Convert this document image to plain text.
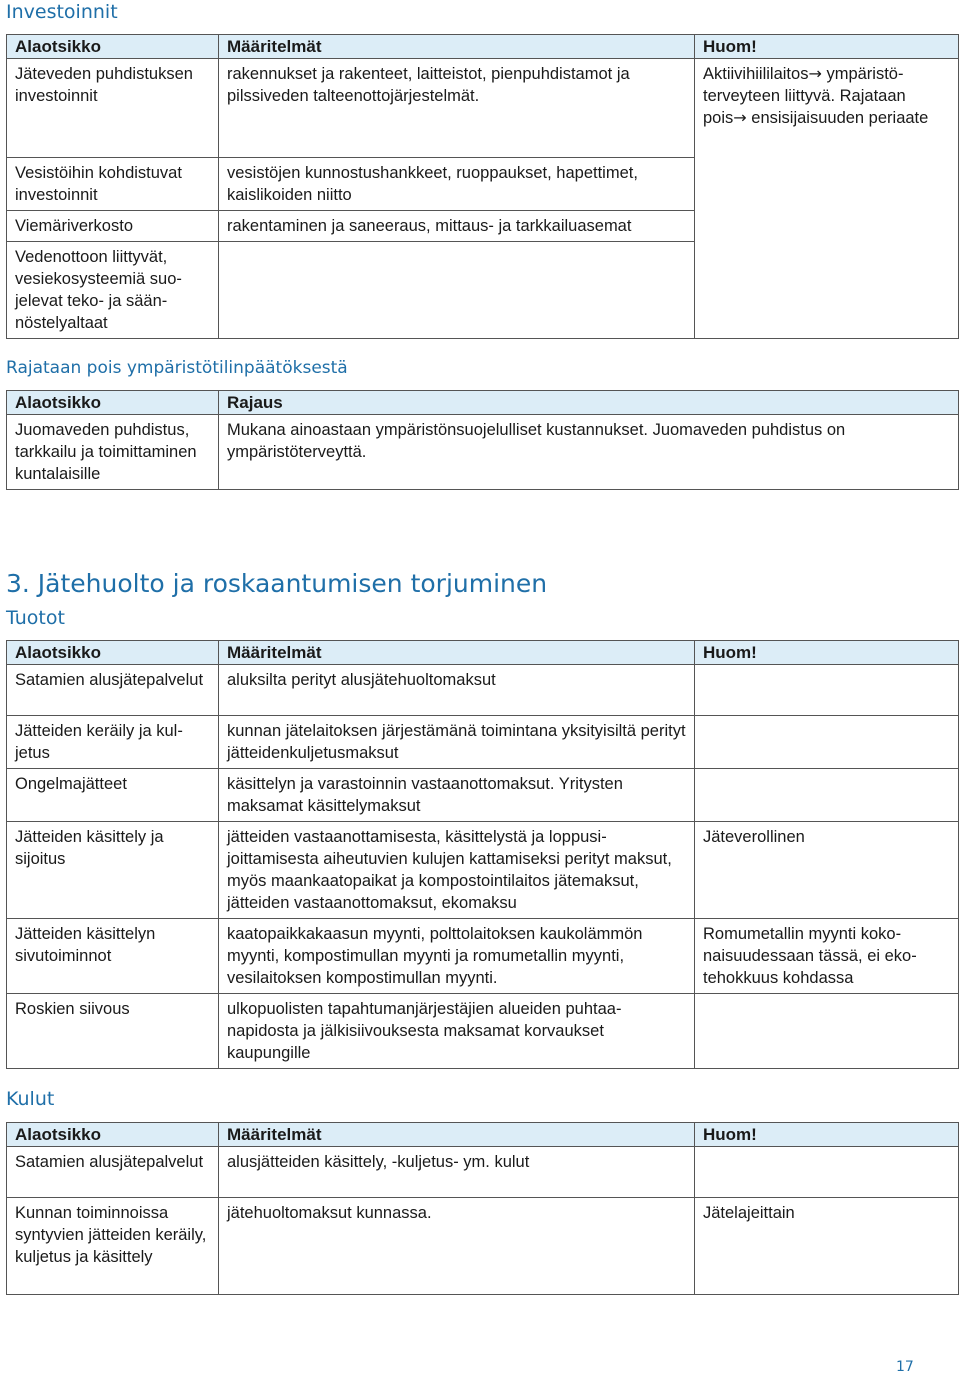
Investoinnit
Alaotsikko	Määritelmät	Huom!
Jäteveden puhdistuksen investoinnit	rakennukset ja rakenteet, laitteistot, pienpuhdistamot ja pilssiveden talteenottojärjestelmät.	Aktiivihiililaitos→ ympäristöterveyteen liittyvä. Rajataan pois→ ensisijaisuuden periaate
Vesistöihin kohdistuvat investoinnit	vesistöjen kunnostushankkeet, ruoppaukset, hapettimet, kaislikoiden niitto	
Viemäriverkosto	rakentaminen ja saneeraus, mittaus- ja tarkkailuasemat	
Vedenottoon liittyvät, vesiekosysteemiä suojelevat teko- ja säännöstelyaltaat		
Rajataan pois ympäristötilinpäätöksestä
Alaotsikko	Rajaus
Juomaveden puhdistus, tarkkailu ja toimittaminen kuntalaisille	Mukana ainoastaan ympäristönsuojelulliset kustannukset. Juomaveden puhdistus on ympäristöterveyttä.
3. Jätehuolto ja roskaantumisen torjuminen
Tuotot
Alaotsikko	Määritelmät	Huom!
Satamien alusjätepalvelut	aluksilta perityt alusjätehuoltomaksut	
Jätteiden keräily ja kuljetus	kunnan jätelaitoksen järjestämänä toimintana yksityisiltä perityt jätteidenkuljetusmaksut	
Ongelmajätteet	käsittelyn ja varastoinnin vastaanottomaksut. Yritysten maksamat käsittelymaksut	
Jätteiden käsittely ja sijoitus	jätteiden vastaanottamisesta, käsittelystä ja loppusijoittamisesta aiheutuvien kulujen kattamiseksi perityt maksut, myös maankaatopaikat ja kompostointilaitos jätemaksut, jätteiden vastaanottomaksut, ekomaksu	Jäteverollinen
Jätteiden käsittelyn sivutoiminnot	kaatopaikkakaasun myynti, polttolaitoksen kaukolämmön myynti, kompostimullan myynti ja romumetallin myynti, vesilaitoksen kompostimullan myynti.	Romumetallin myynti kokonaisuudessaan tässä, ei ekotehokkuus kohdassa
Roskien siivous	ulkopuolisten tapahtumanjärjestäjien alueiden puhtaanapidosta ja jälkisiivouksesta maksamat korvaukset kaupungille	
Kulut
Alaotsikko	Määritelmät	Huom!
Satamien alusjätepalvelut	alusjätteiden käsittely, -kuljetus- ym. kulut	
Kunnan toiminnoissa syntyvien jätteiden keräily, kuljetus ja käsittely	jätehuoltomaksut kunnassa.	Jätelajeittain
17
